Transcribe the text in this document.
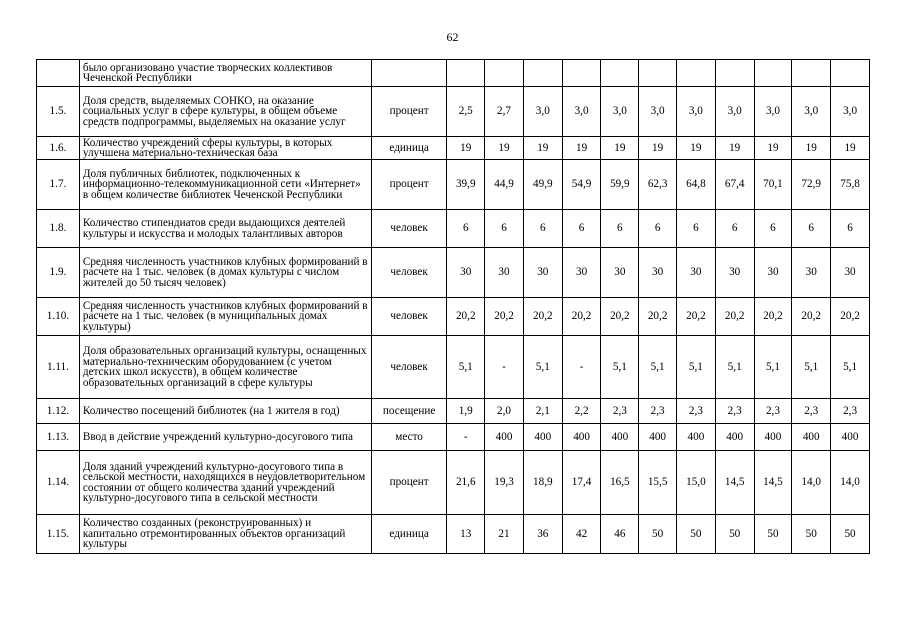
62
	было организовано участие творческих коллективов Чеченской Республики												
1.5.	Доля средств, выделяемых СОНКО, на оказание социальных услуг в сфере культуры, в общем объеме средств подпрограммы, выделяемых на оказание услуг	процент	2,5	2,7	3,0	3,0	3,0	3,0	3,0	3,0	3,0	3,0	3,0
1.6.	Количество учреждений сферы культуры, в которых улучшена материально-техническая база	единица	19	19	19	19	19	19	19	19	19	19	19
1.7.	Доля публичных библиотек, подключенных к информационно-телекоммуникационной сети «Интернет» в общем количестве библиотек Чеченской Республики	процент	39,9	44,9	49,9	54,9	59,9	62,3	64,8	67,4	70,1	72,9	75,8
1.8.	Количество стипендиатов среди выдающихся деятелей культуры и искусства и молодых талантливых авторов	человек	6	6	6	6	6	6	6	6	6	6	6
1.9.	Средняя численность участников клубных формирований в расчете на 1 тыс. человек (в домах культуры с числом жителей до 50 тысяч человек)	человек	30	30	30	30	30	30	30	30	30	30	30
1.10.	Средняя численность участников клубных формирований в расчете на 1 тыс. человек (в муниципальных домах культуры)	человек	20,2	20,2	20,2	20,2	20,2	20,2	20,2	20,2	20,2	20,2	20,2
1.11.	Доля образовательных организаций культуры, оснащенных материально-техническим оборудованием (с учетом детских школ искусств), в общем количестве образовательных организаций в сфере культуры	человек	5,1	-	5,1	-	5,1	5,1	5,1	5,1	5,1	5,1	5,1
1.12.	Количество посещений библиотек (на 1 жителя в год)	посещение	1,9	2,0	2,1	2,2	2,3	2,3	2,3	2,3	2,3	2,3	2,3
1.13.	Ввод в действие учреждений культурно-досугового типа	место	-	400	400	400	400	400	400	400	400	400	400
1.14.	Доля зданий учреждений культурно-досугового типа в сельской местности, находящихся в неудовлетворительном состоянии от общего количества зданий учреждений культурно-досугового типа в сельской местности	процент	21,6	19,3	18,9	17,4	16,5	15,5	15,0	14,5	14,5	14,0	14,0
1.15.	Количество созданных (реконструированных) и капитально отремонтированных объектов организаций культуры	единица	13	21	36	42	46	50	50	50	50	50	50
